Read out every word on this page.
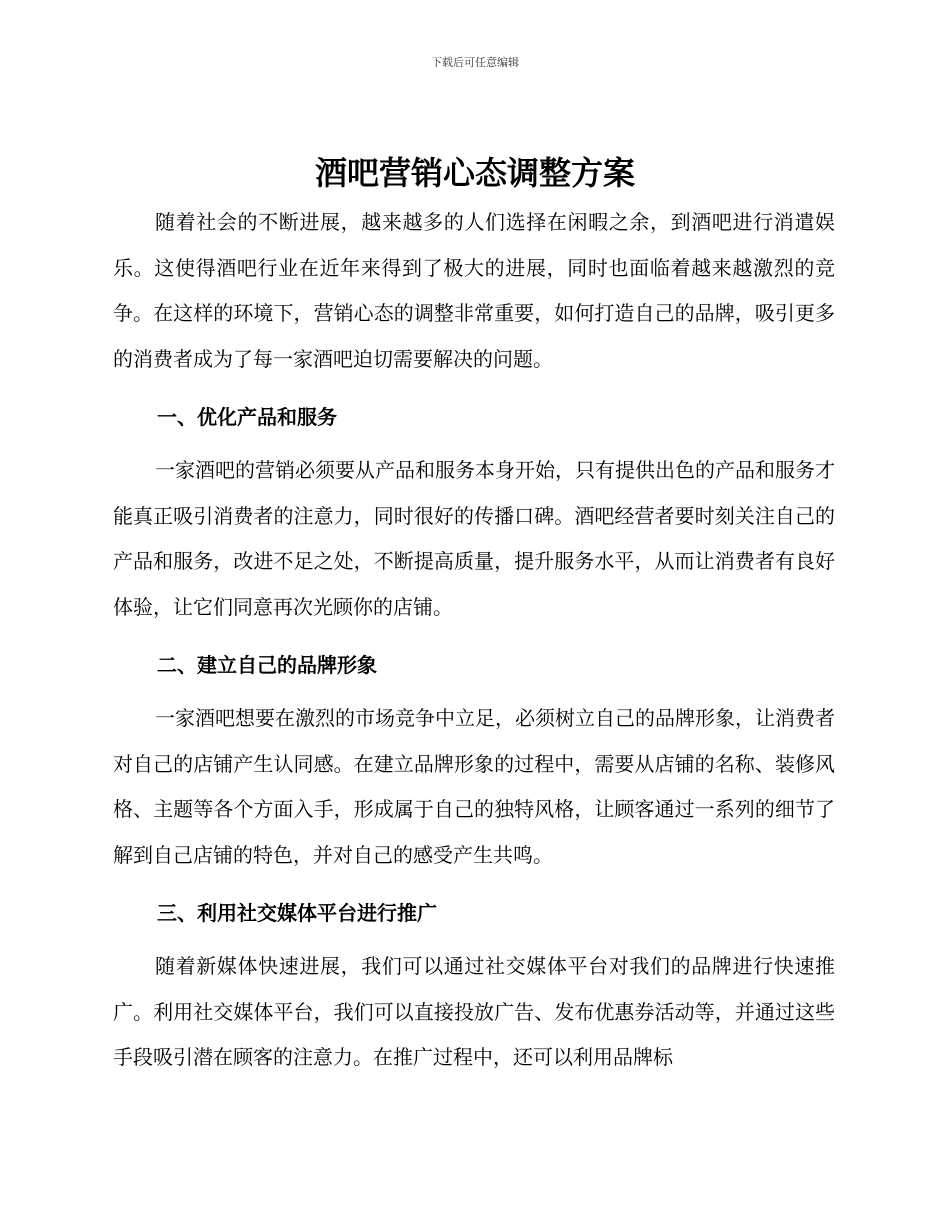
下载后可任意编辑
酒吧营销心态调整方案

随着社会的不断进展，越来越多的人们选择在闲暇之余，到酒吧进行消遣娱乐。这使得酒吧行业在近年来得到了极大的进展，同时也面临着越来越激烈的竞争。在这样的环境下，营销心态的调整非常重要，如何打造自己的品牌，吸引更多的消费者成为了每一家酒吧迫切需要解决的问题。

一、优化产品和服务

一家酒吧的营销必须要从产品和服务本身开始，只有提供出色的产品和服务才能真正吸引消费者的注意力，同时很好的传播口碑。酒吧经营者要时刻关注自己的产品和服务，改进不足之处，不断提高质量，提升服务水平，从而让消费者有良好体验，让它们同意再次光顾你的店铺。

二、建立自己的品牌形象

一家酒吧想要在激烈的市场竞争中立足，必须树立自己的品牌形象，让消费者对自己的店铺产生认同感。在建立品牌形象的过程中，需要从店铺的名称、装修风格、主题等各个方面入手，形成属于自己的独特风格，让顾客通过一系列的细节了解到自己店铺的特色，并对自己的感受产生共鸣。

三、利用社交媒体平台进行推广

随着新媒体快速进展，我们可以通过社交媒体平台对我们的品牌进行快速推广。利用社交媒体平台，我们可以直接投放广告、发布优惠券活动等，并通过这些手段吸引潜在顾客的注意力。在推广过程中，还可以利用品牌标
